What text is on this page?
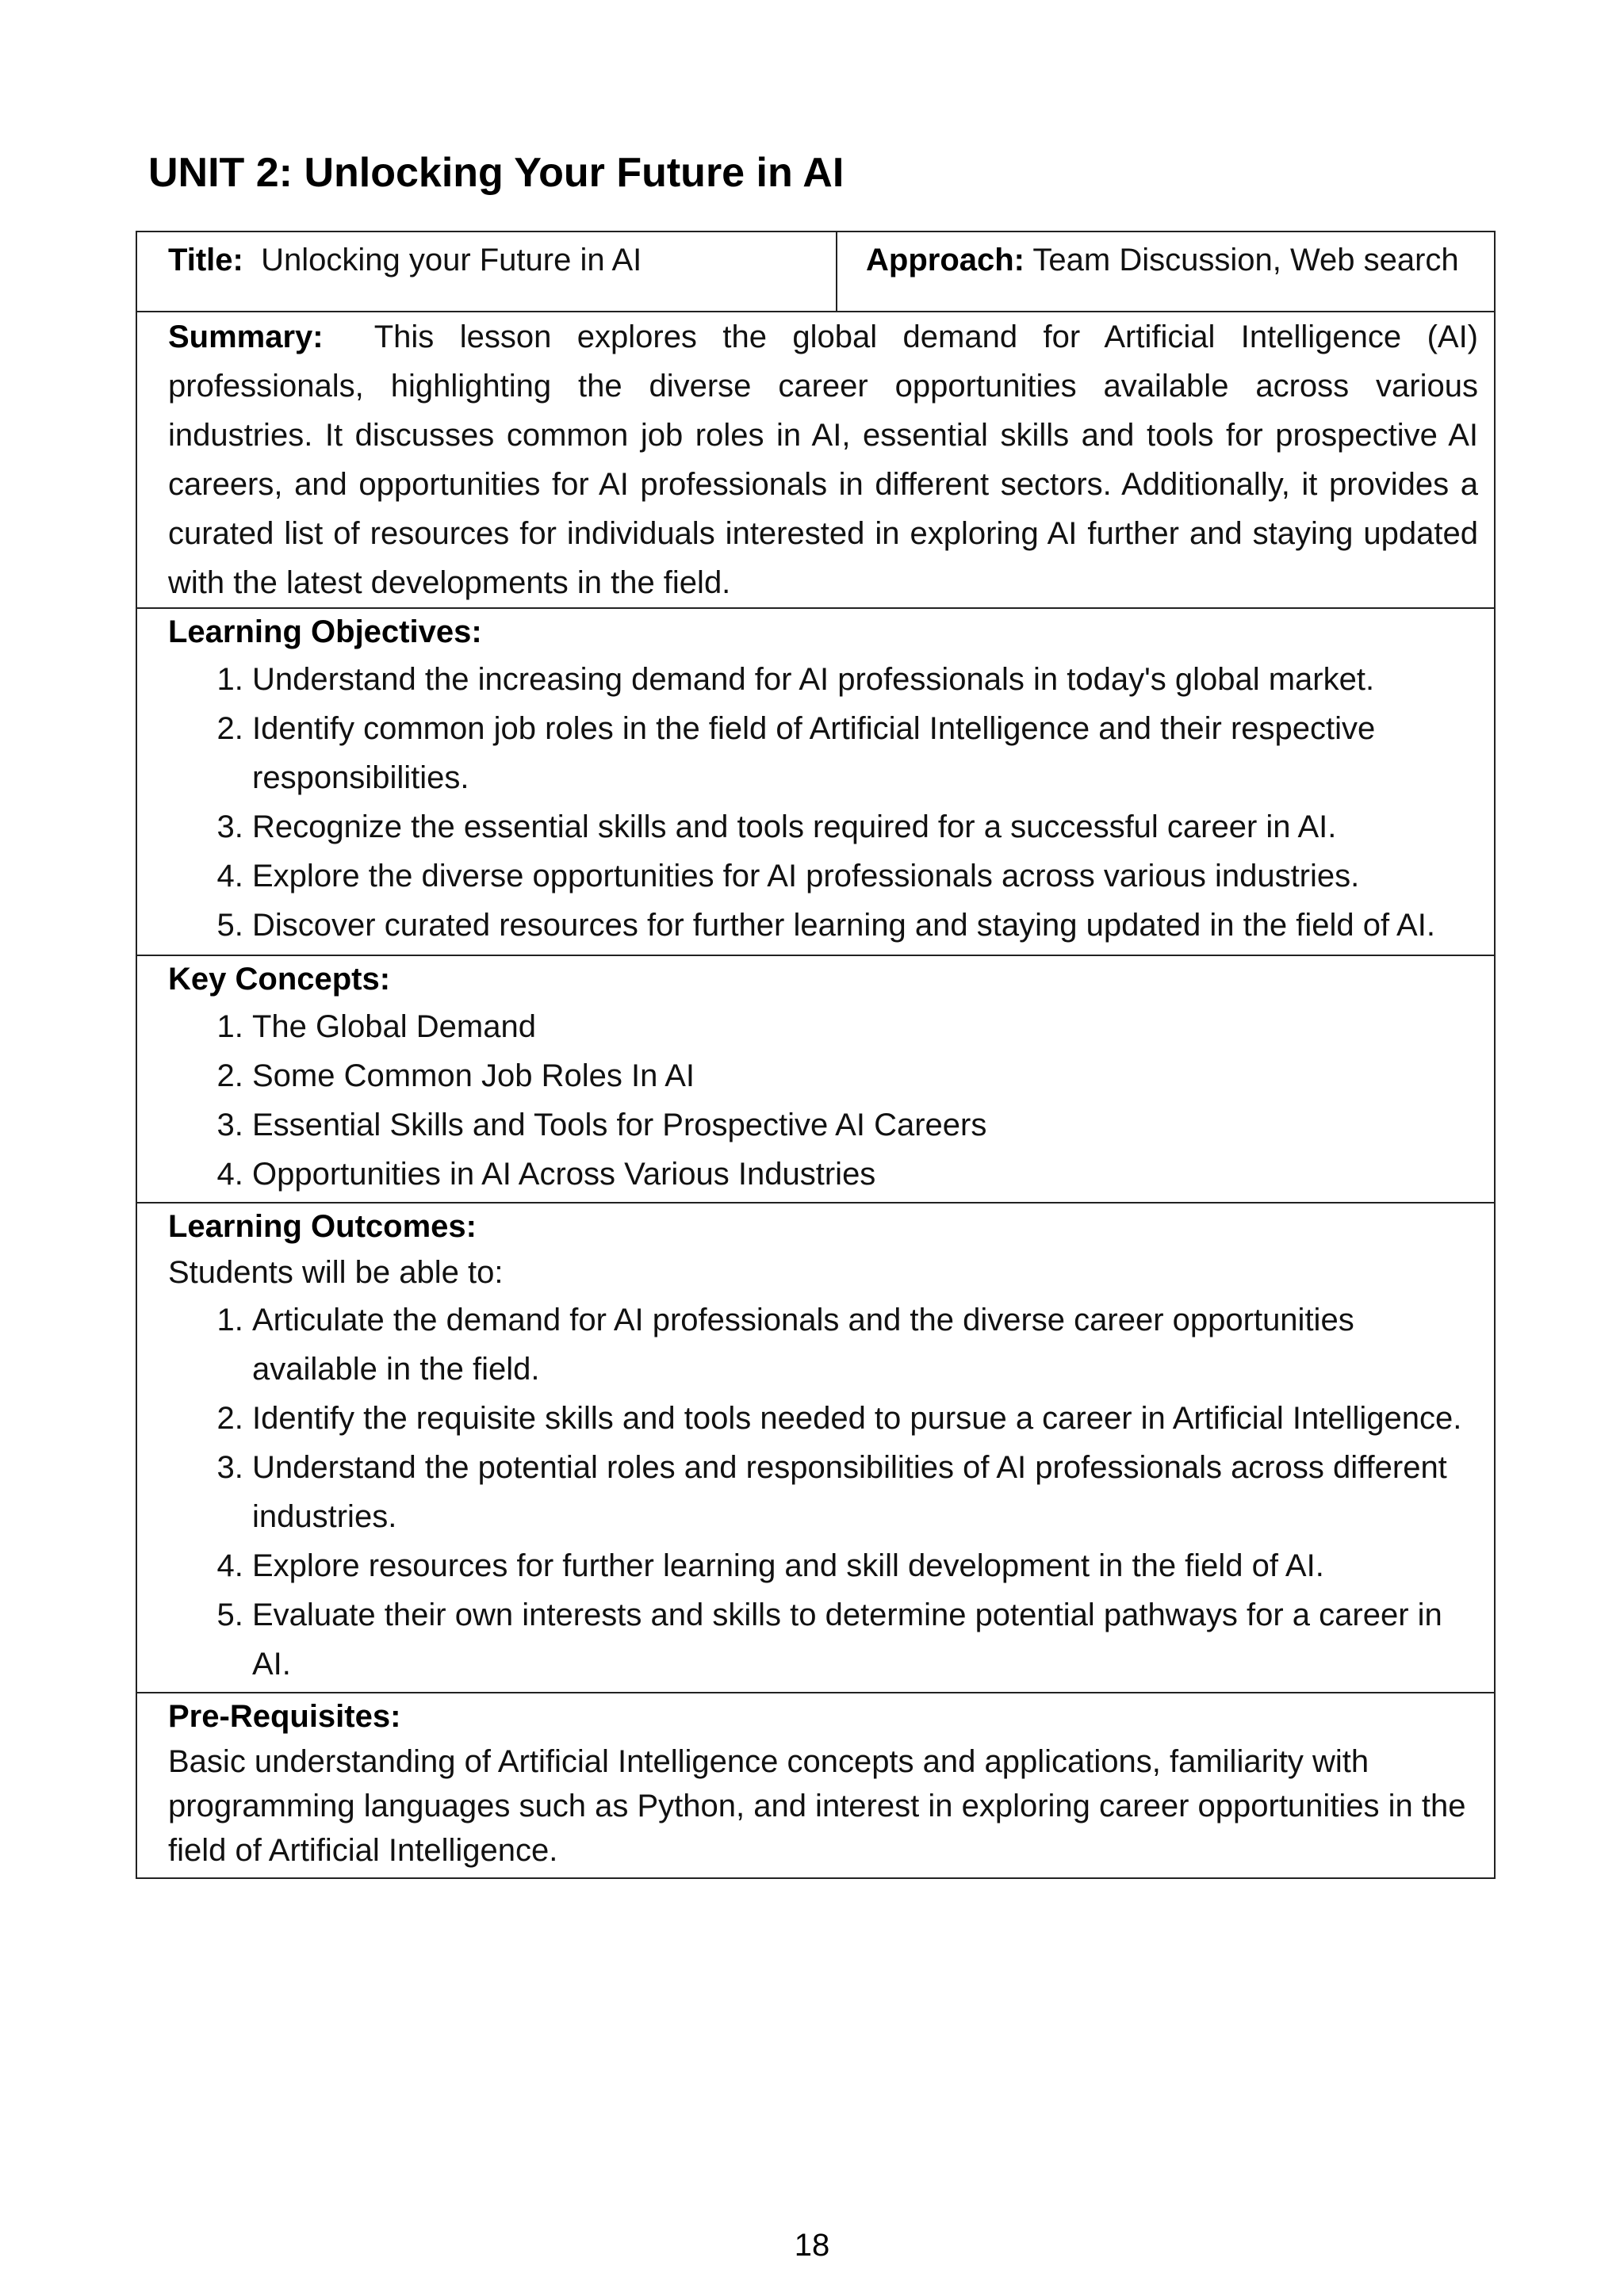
UNIT 2: Unlocking Your Future in AI
Title: Unlocking your Future in AI	Approach: Team Discussion, Web search
Summary: This lesson explores the global demand for Artificial Intelligence (AI) professionals, highlighting the diverse career opportunities available across various industries. It discusses common job roles in AI, essential skills and tools for prospective AI careers, and opportunities for AI professionals in different sectors. Additionally, it provides a curated list of resources for individuals interested in exploring AI further and staying updated with the latest developments in the field.

Learning Objectives:
1. Understand the increasing demand for AI professionals in today's global market.
2. Identify common job roles in the field of Artificial Intelligence and their respective responsibilities.
3. Recognize the essential skills and tools required for a successful career in AI.
4. Explore the diverse opportunities for AI professionals across various industries.
5. Discover curated resources for further learning and staying updated in the field of AI.

Key Concepts:
1. The Global Demand
2. Some Common Job Roles In AI
3. Essential Skills and Tools for Prospective AI Careers
4. Opportunities in AI Across Various Industries

Learning Outcomes:
Students will be able to:
1. Articulate the demand for AI professionals and the diverse career opportunities available in the field.
2. Identify the requisite skills and tools needed to pursue a career in Artificial Intelligence.
3. Understand the potential roles and responsibilities of AI professionals across different industries.
4. Explore resources for further learning and skill development in the field of AI.
5. Evaluate their own interests and skills to determine potential pathways for a career in AI.

Pre-Requisites:
Basic understanding of Artificial Intelligence concepts and applications, familiarity with programming languages such as Python, and interest in exploring career opportunities in the field of Artificial Intelligence.
18
